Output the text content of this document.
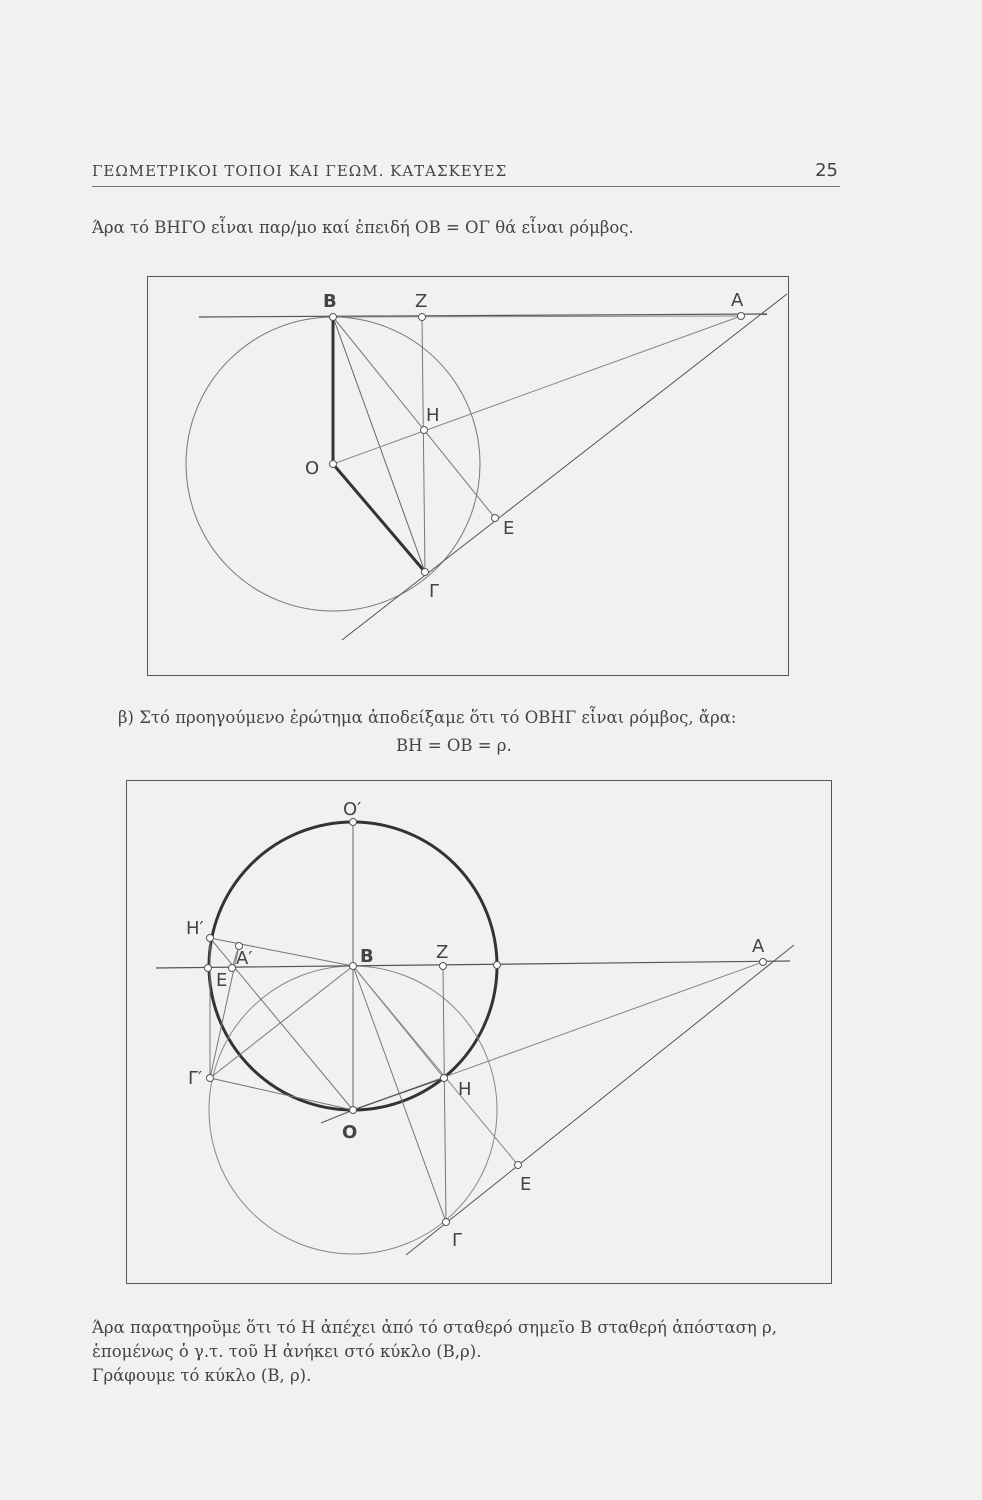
ΓΕΩΜΕΤΡΙΚΟΙ ΤΟΠΟΙ ΚΑΙ ΓΕΩΜ. ΚΑΤΑΣΚΕΥΕΣ	25
Άρα τό ΒΗΓΟ εἶναι παρ/μο καί ἐπειδή ΟΒ = ΟΓ θά εἶναι ρόμβος.
B	Z	A
H
O
E
Γ
β) Στό προηγούμενο ἐρώτημα ἀποδείξαμε ὅτι τό ΟΒΗΓ εἶναι ρόμβος, ἄρα:
ΒΗ = ΟΒ = ρ.
O′
H′
A′
E
B	Z	A
Γ′
H
O
E
Γ
Άρα παρατηροῦμε ὅτι τό Η ἀπέχει ἀπό τό σταθερό σημεῖο Β σταθερή ἀπόσταση ρ,
ἑπομένως ὁ γ.τ. τοῦ Η ἀνήκει στό κύκλο (Β,ρ).
Γράφουμε τό κύκλο (Β, ρ).
